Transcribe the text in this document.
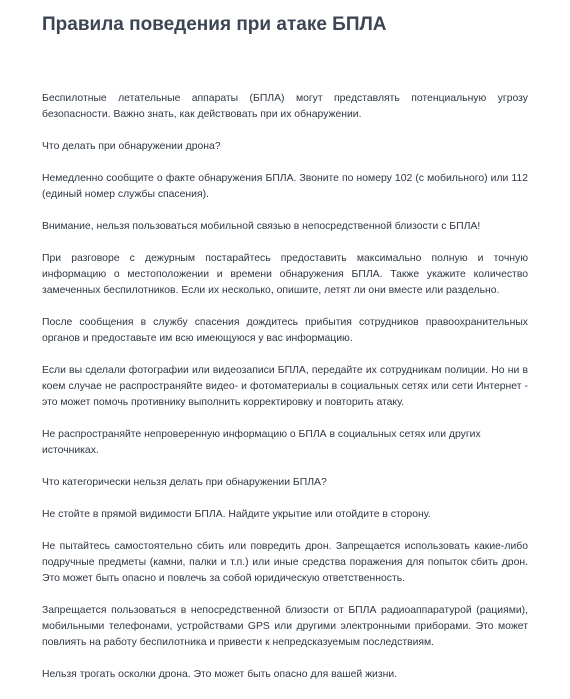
Правила поведения при атаке БПЛА

Беспилотные летательные аппараты (БПЛА) могут представлять потенциальную угрозу безопасности. Важно знать, как действовать при их обнаружении.

Что делать при обнаружении дрона?

Немедленно сообщите о факте обнаружения БПЛА. Звоните по номеру 102 (с мобильного) или 112 (единый номер службы спасения).

Внимание, нельзя пользоваться мобильной связью в непосредственной близости с БПЛА!

При разговоре с дежурным постарайтесь предоставить максимально полную и точную информацию о местоположении и времени обнаружения БПЛА. Также укажите количество замеченных беспилотников. Если их несколько, опишите, летят ли они вместе или раздельно.

После сообщения в службу спасения дождитесь прибытия сотрудников правоохранительных органов и предоставьте им всю имеющуюся у вас информацию.

Если вы сделали фотографии или видеозаписи БПЛА, передайте их сотрудникам полиции. Но ни в коем случае не распространяйте видео- и фотоматериалы в социальных сетях или сети Интернет - это может помочь противнику выполнить корректировку и повторить атаку.

Не распространяйте непроверенную информацию о БПЛА в социальных сетях или других источниках.

Что категорически нельзя делать при обнаружении БПЛА?

Не стойте в прямой видимости БПЛА. Найдите укрытие или отойдите в сторону.

Не пытайтесь самостоятельно сбить или повредить дрон. Запрещается использовать какие-либо подручные предметы (камни, палки и т.п.) или иные средства поражения для попыток сбить дрон. Это может быть опасно и повлечь за собой юридическую ответственность.

Запрещается пользоваться в непосредственной близости от БПЛА радиоаппаратурой (рациями), мобильными телефонами, устройствами GPS или другими электронными приборами. Это может повлиять на работу беспилотника и привести к непредсказуемым последствиям.

Нельзя трогать осколки дрона. Это может быть опасно для вашей жизни.
